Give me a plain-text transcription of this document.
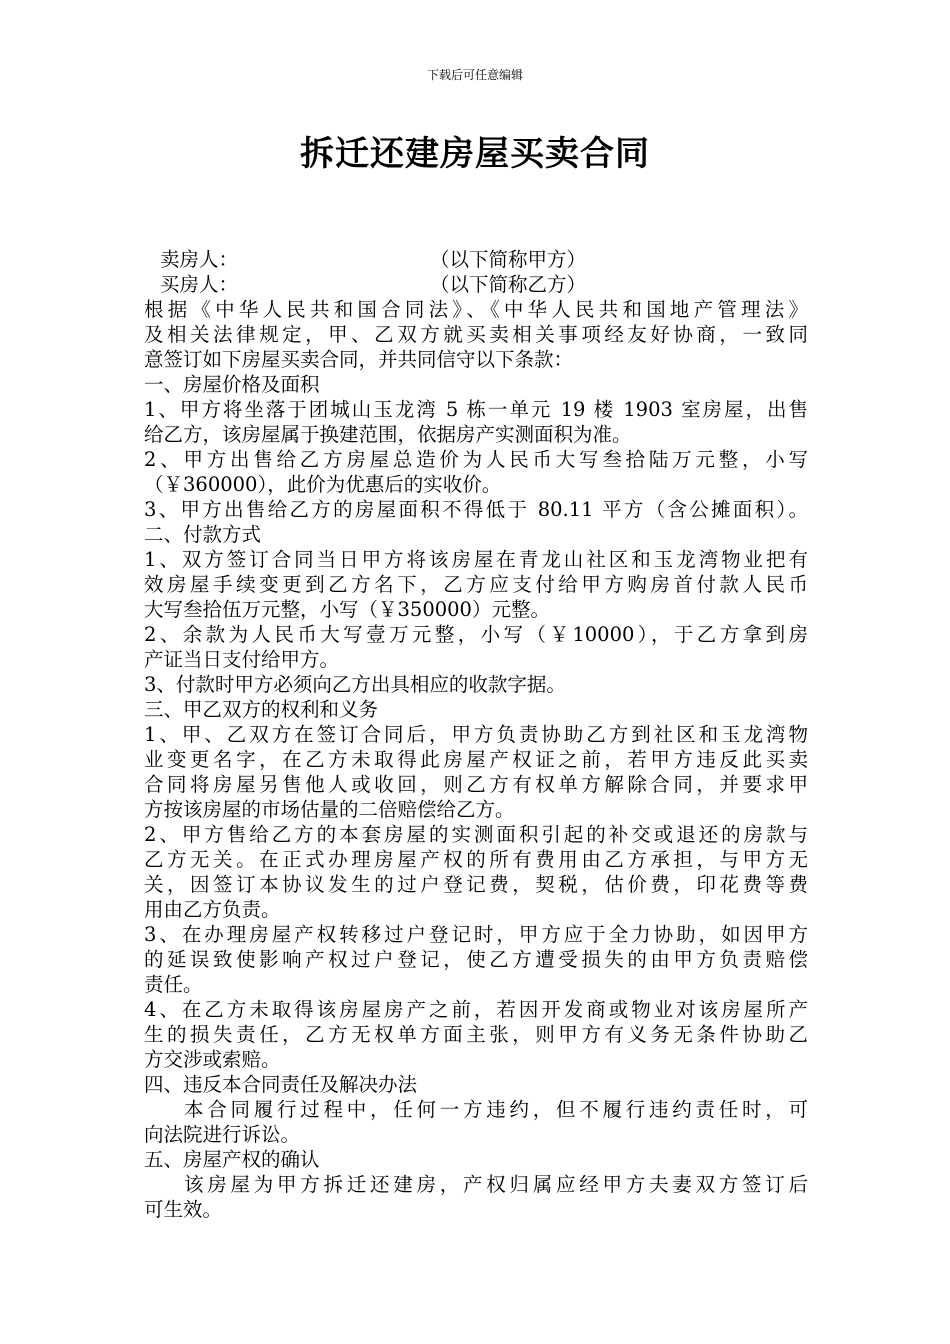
下载后可任意编辑
拆迁还建房屋买卖合同
卖房人：	（以下简称甲方）
买房人：	（以下简称乙方）
根据《中华人民共和国合同法》、《中华人民共和国地产管理法》
及相关法律规定，甲、乙双方就买卖相关事项经友好协商，一致同
意签订如下房屋买卖合同，并共同信守以下条款：
一、房屋价格及面积
1、甲方将坐落于团城山玉龙湾 5 栋一单元 19 楼 1903 室房屋，出售
给乙方，该房屋属于换建范围，依据房产实测面积为准。
2、甲方出售给乙方房屋总造价为人民币大写叁拾陆万元整，小写
（￥360000），此价为优惠后的实收价。
3、甲方出售给乙方的房屋面积不得低于 80.11 平方（含公摊面积）。
二、付款方式
1、双方签订合同当日甲方将该房屋在青龙山社区和玉龙湾物业把有
效房屋手续变更到乙方名下，乙方应支付给甲方购房首付款人民币
大写叁拾伍万元整，小写（￥350000）元整。
2、余款为人民币大写壹万元整，小写（￥10000），于乙方拿到房
产证当日支付给甲方。
3、付款时甲方必须向乙方出具相应的收款字据。
三、甲乙双方的权利和义务
1、甲、乙双方在签订合同后，甲方负责协助乙方到社区和玉龙湾物
业变更名字，在乙方未取得此房屋产权证之前，若甲方违反此买卖
合同将房屋另售他人或收回，则乙方有权单方解除合同，并要求甲
方按该房屋的市场估量的二倍赔偿给乙方。
2、甲方售给乙方的本套房屋的实测面积引起的补交或退还的房款与
乙方无关。在正式办理房屋产权的所有费用由乙方承担，与甲方无
关，因签订本协议发生的过户登记费，契税，估价费，印花费等费
用由乙方负责。
3、在办理房屋产权转移过户登记时，甲方应于全力协助，如因甲方
的延误致使影响产权过户登记，使乙方遭受损失的由甲方负责赔偿
责任。
4、在乙方未取得该房屋房产之前，若因开发商或物业对该房屋所产
生的损失责任，乙方无权单方面主张，则甲方有义务无条件协助乙
方交涉或索赔。
四、违反本合同责任及解决办法
本合同履行过程中，任何一方违约，但不履行违约责任时，可
向法院进行诉讼。
五、房屋产权的确认
该房屋为甲方拆迁还建房，产权归属应经甲方夫妻双方签订后
可生效。
